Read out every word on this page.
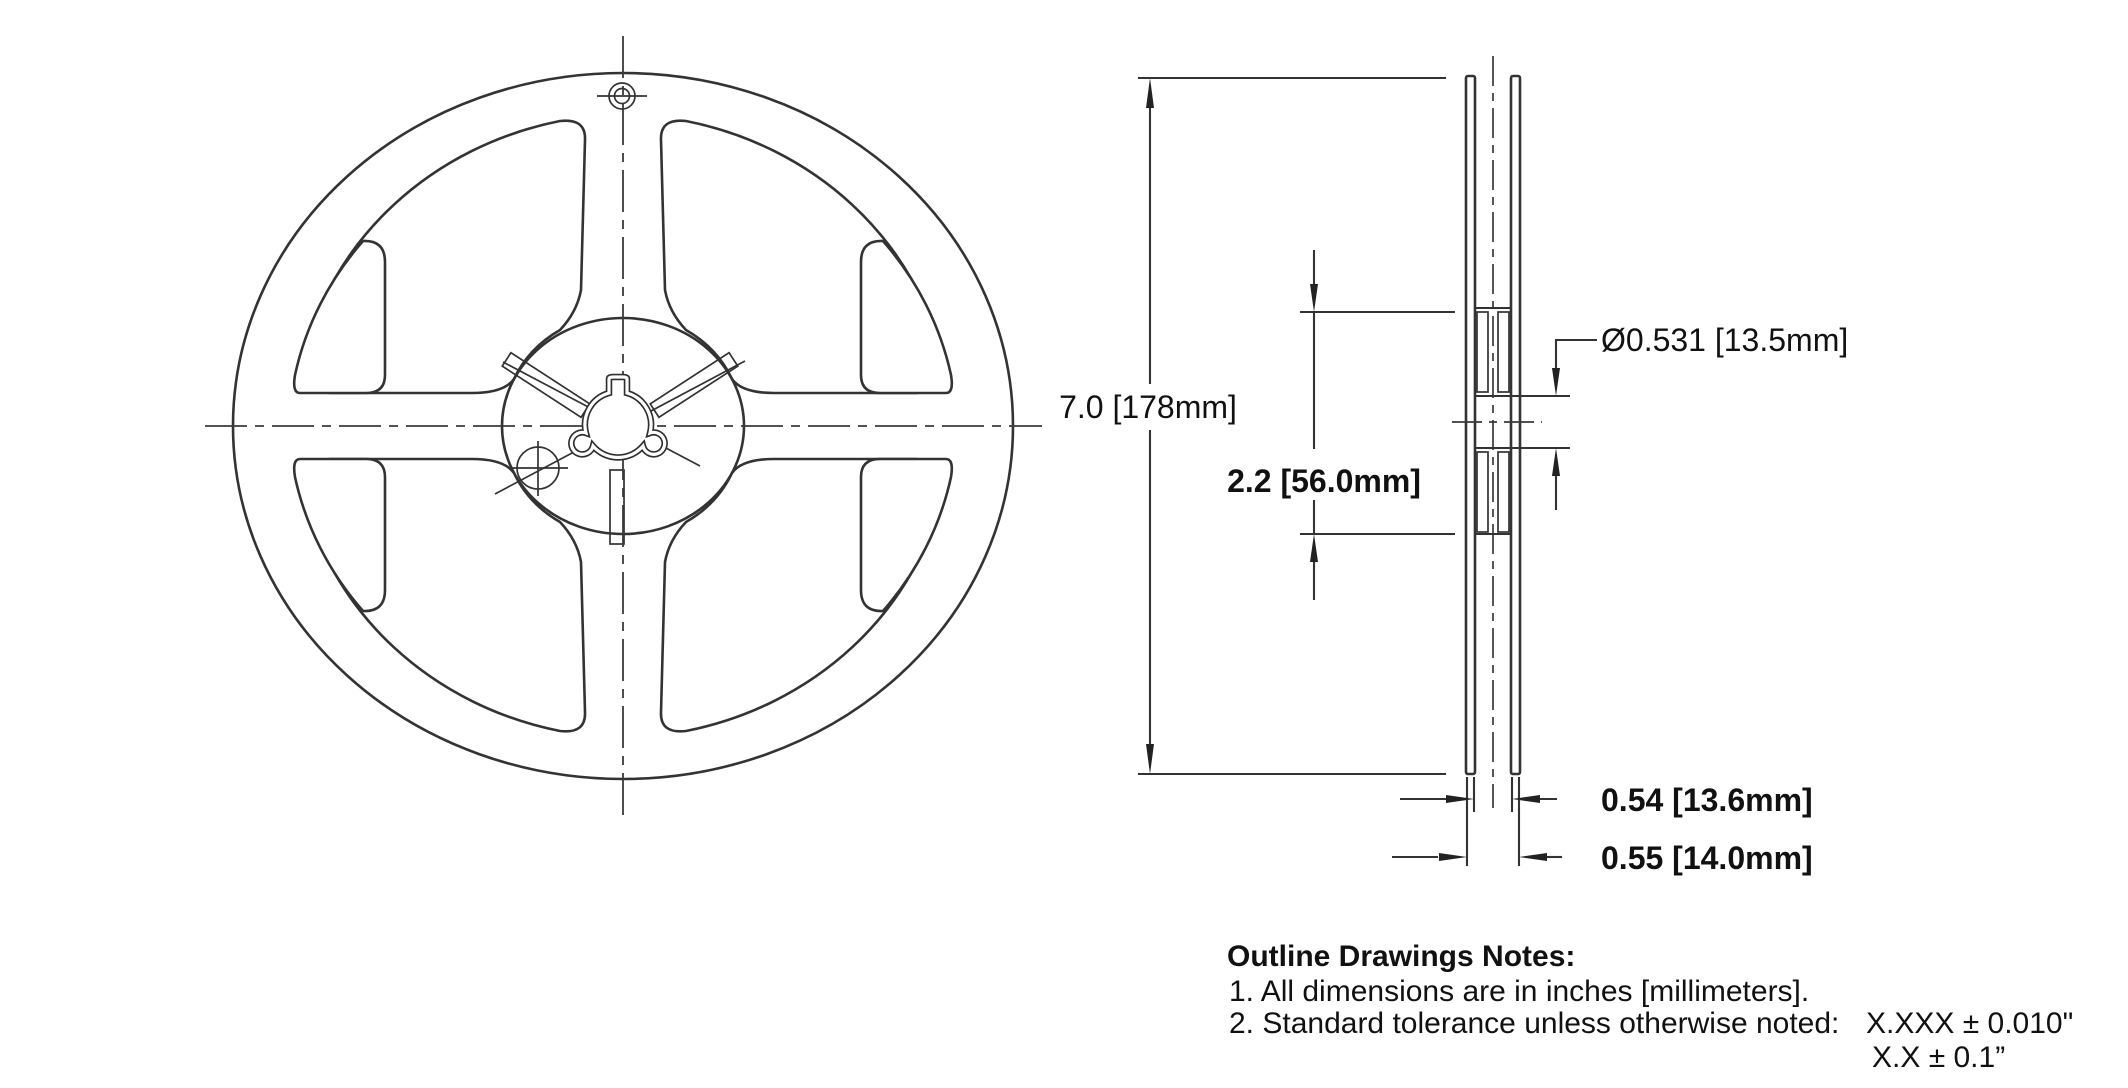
7.0 [178mm]
2.2 [56.0mm]
Ø0.531 [13.5mm]
0.54 [13.6mm]
0.55 [14.0mm]
Outline Drawings Notes:
1. All dimensions are in inches [millimeters].
2. Standard tolerance unless otherwise noted: X.XXX ± 0.010"
X.X ± 0.1”
